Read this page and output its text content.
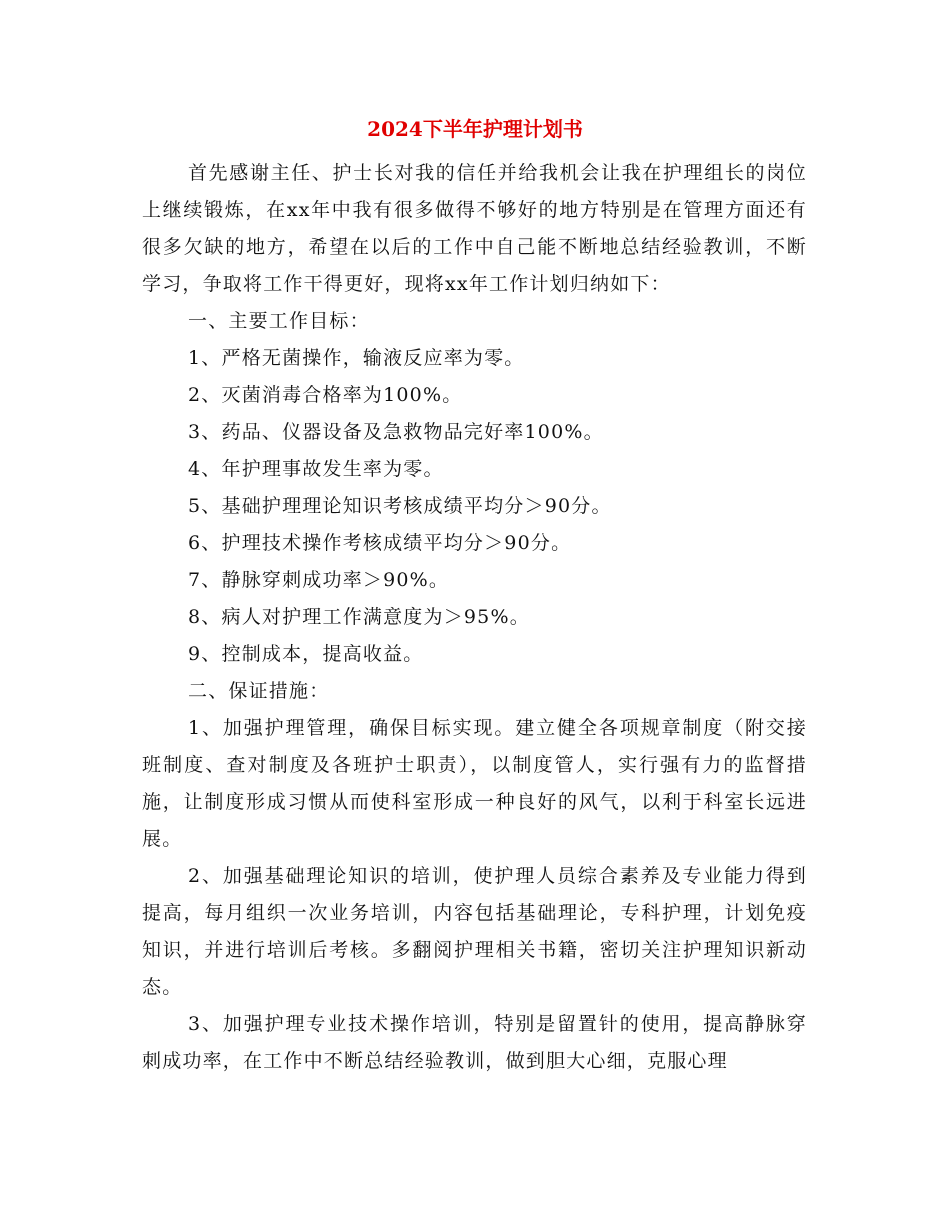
2024下半年护理计划书

首先感谢主任、护士长对我的信任并给我机会让我在护理组长的岗位上继续锻炼，在xx年中我有很多做得不够好的地方特别是在管理方面还有很多欠缺的地方，希望在以后的工作中自己能不断地总结经验教训，不断学习，争取将工作干得更好，现将xx年工作计划归纳如下：

一、主要工作目标：

1、严格无菌操作，输液反应率为零。

2、灭菌消毒合格率为100%。

3、药品、仪器设备及急救物品完好率100%。

4、年护理事故发生率为零。

5、基础护理理论知识考核成绩平均分＞90分。

6、护理技术操作考核成绩平均分＞90分。

7、静脉穿刺成功率＞90%。

8、病人对护理工作满意度为＞95%。

9、控制成本，提高收益。

二、保证措施：

1、加强护理管理，确保目标实现。建立健全各项规章制度（附交接班制度、查对制度及各班护士职责），以制度管人，实行强有力的监督措施，让制度形成习惯从而使科室形成一种良好的风气，以利于科室长远进展。

2、加强基础理论知识的培训，使护理人员综合素养及专业能力得到提高，每月组织一次业务培训，内容包括基础理论，专科护理，计划免疫知识，并进行培训后考核。多翻阅护理相关书籍，密切关注护理知识新动态。

3、加强护理专业技术操作培训，特别是留置针的使用，提高静脉穿刺成功率，在工作中不断总结经验教训，做到胆大心细，克服心理
